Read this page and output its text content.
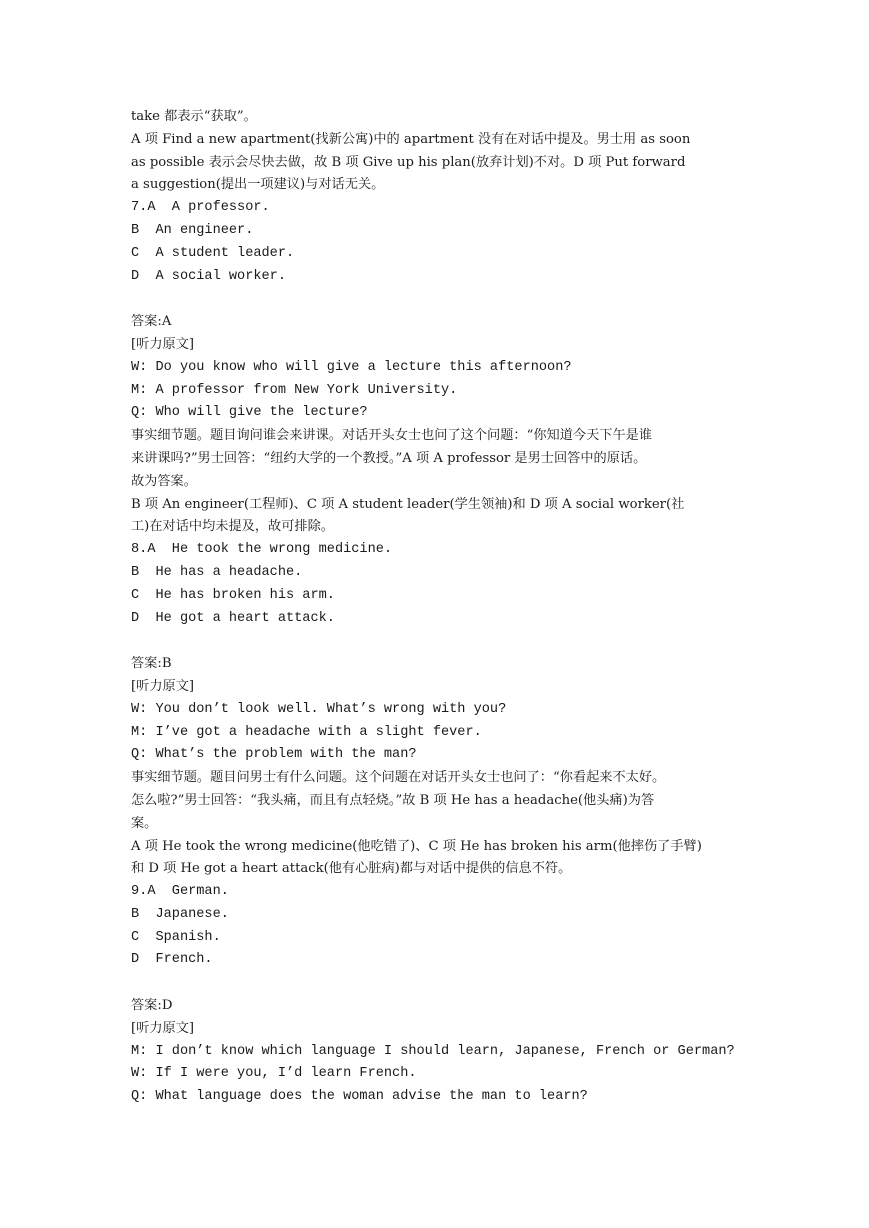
take 都表示“获取”。
A 项 Find a new apartment(找新公寓)中的 apartment 没有在对话中提及。男士用 as soon
as possible 表示会尽快去做，故 B 项 Give up his plan(放弃计划)不对。D 项 Put forward
a suggestion(提出一项建议)与对话无关。
7.A  A professor.
B  An engineer.
C  A student leader.
D  A social worker.
答案:A
[听力原文]
W: Do you know who will give a lecture this afternoon?
M: A professor from New York University.
Q: Who will give the lecture?
事实细节题。题目询问谁会来讲课。对话开头女士也问了这个问题：“你知道今天下午是谁
来讲课吗?”男士回答：“纽约大学的一个教授。”A 项 A professor 是男士回答中的原话。
故为答案。
B 项 An engineer(工程师)、C 项 A student leader(学生领袖)和 D 项 A social worker(社
工)在对话中均未提及，故可排除。
8.A  He took the wrong medicine.
B  He has a headache.
C  He has broken his arm.
D  He got a heart attack.
答案:B
[听力原文]
W: You don’t look well. What’s wrong with you?
M: I’ve got a headache with a slight fever.
Q: What’s the problem with the man?
事实细节题。题目问男士有什么问题。这个问题在对话开头女士也问了：“你看起来不太好。
怎么啦?”男士回答：“我头痛，而且有点轻烧。”故 B 项 He has a headache(他头痛)为答
案。
A 项 He took the wrong medicine(他吃错了)、C 项 He has broken his arm(他摔伤了手臂)
和 D 项 He got a heart attack(他有心脏病)都与对话中提供的信息不符。
9.A  German.
B  Japanese.
C  Spanish.
D  French.
答案:D
[听力原文]
M: I don’t know which language I should learn, Japanese, French or German?
W: If I were you, I’d learn French.
Q: What language does the woman advise the man to learn?
